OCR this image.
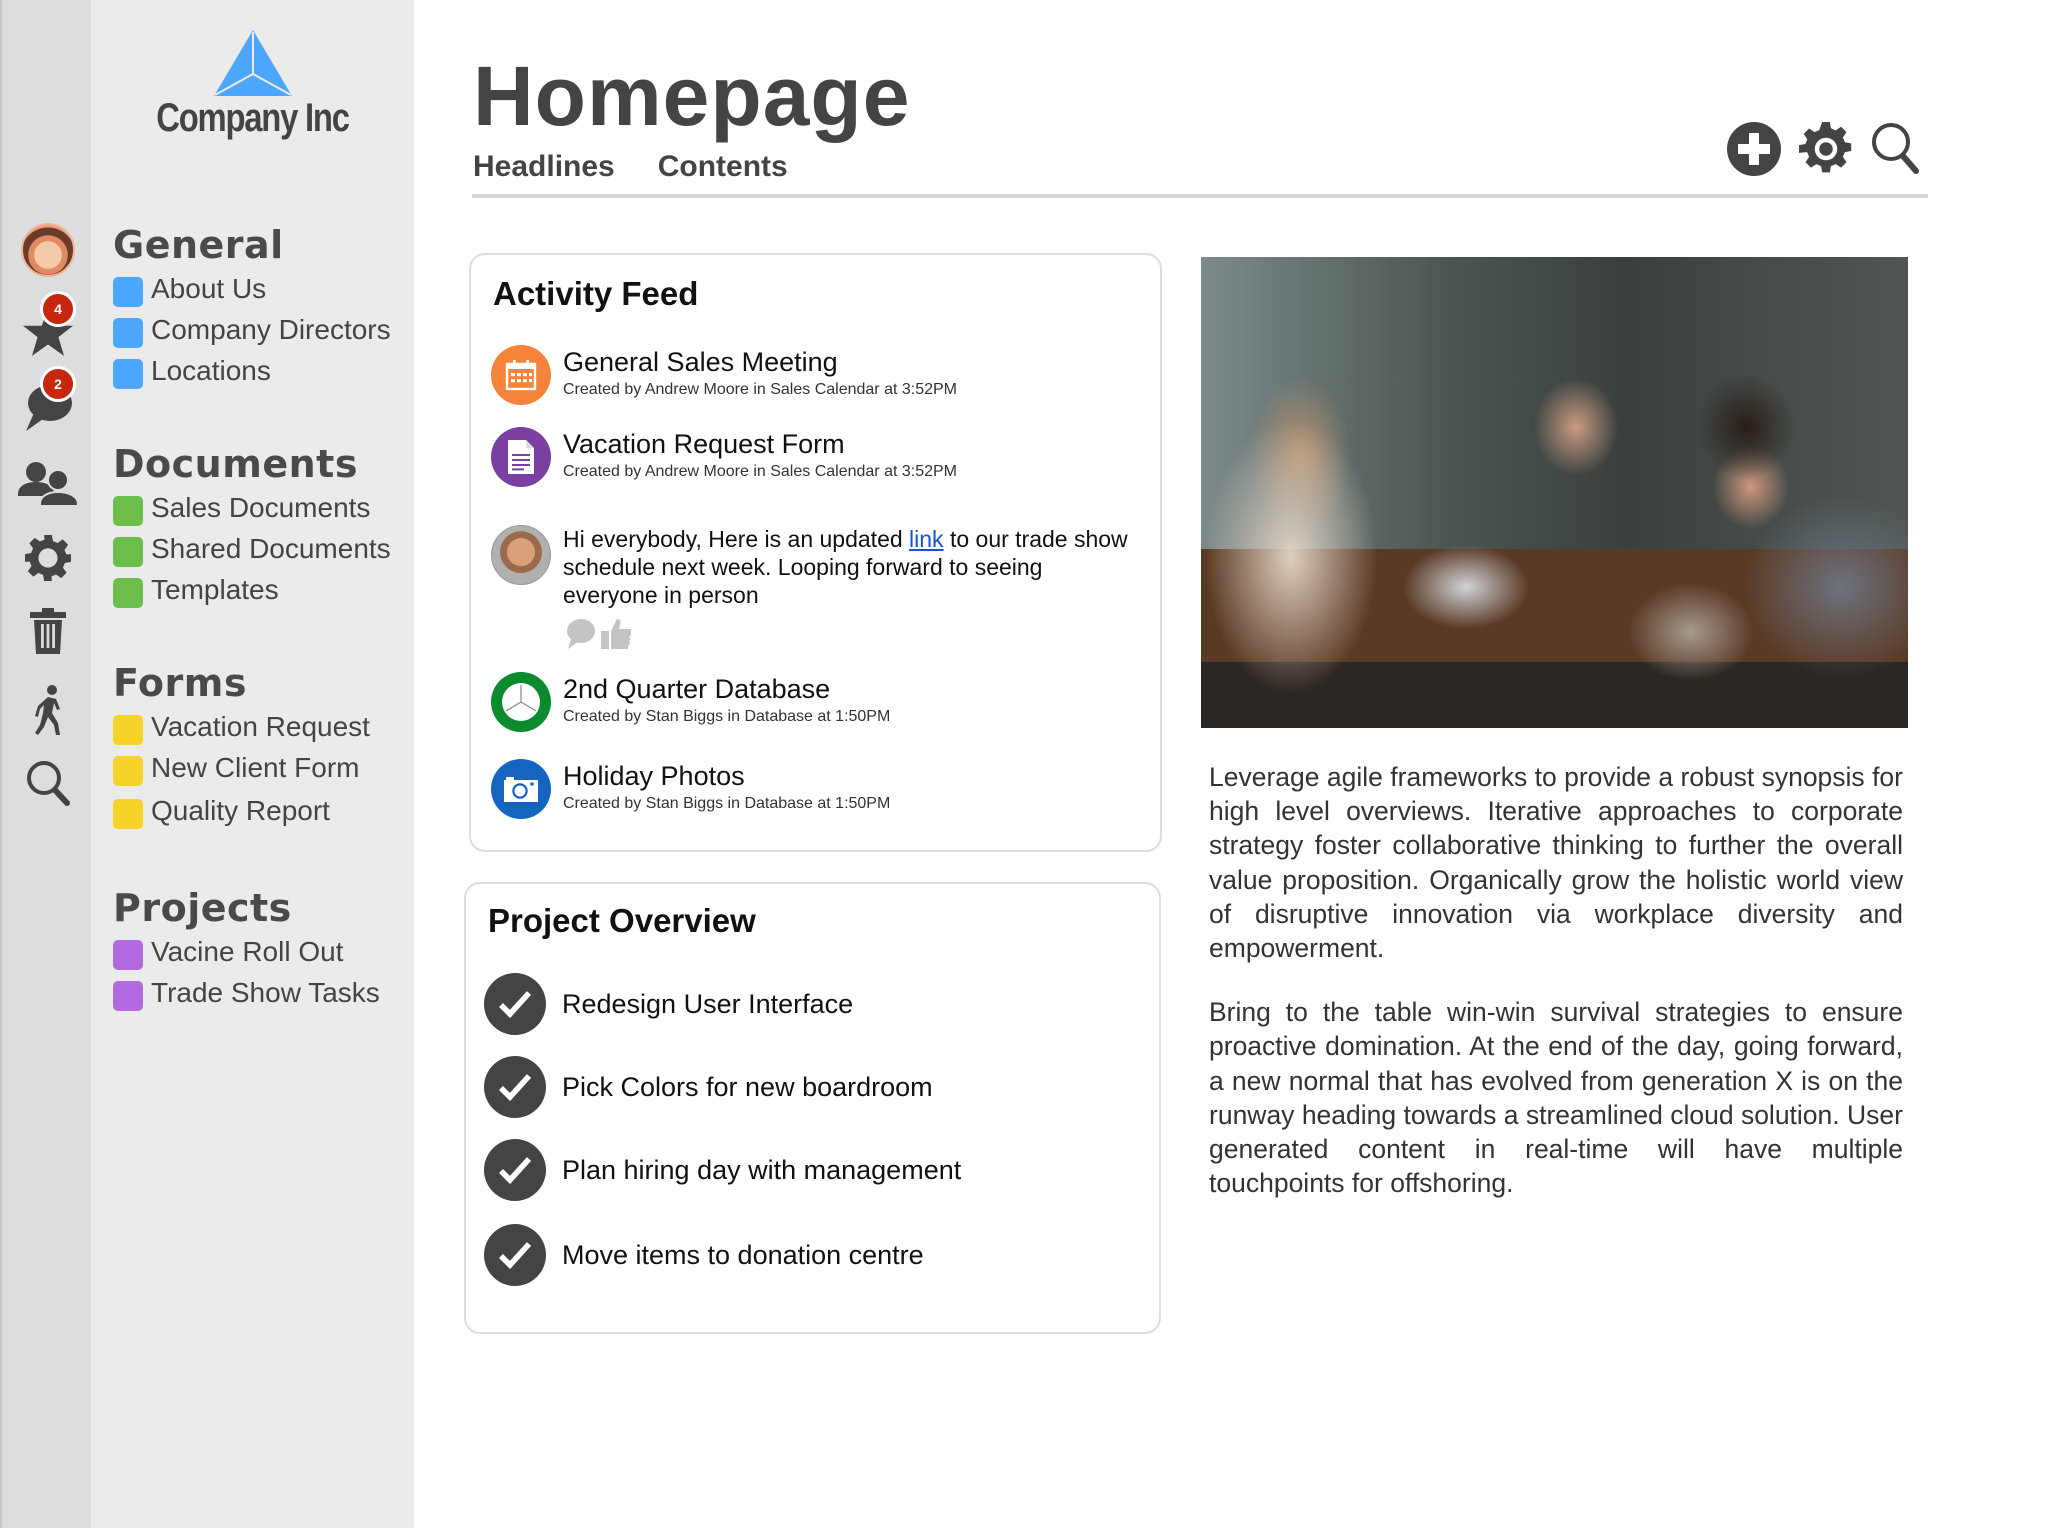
4
2
Company Inc
General
About Us
Company Directors
Locations
Documents
Sales Documents
Shared Documents
Templates
Forms
Vacation Request
New Client Form
Quality Report
Projects
Vacine Roll Out
Trade Show Tasks
Homepage
Headlines Contents
Activity Feed
General Sales Meeting
Created by Andrew Moore in Sales Calendar at 3:52PM
Vacation Request Form
Created by Andrew Moore in Sales Calendar at 3:52PM
Hi everybody, Here is an updated link to our trade show schedule next week. Looping forward to seeing everyone in person
2nd Quarter Database
Created by Stan Biggs in Database at 1:50PM
Holiday Photos
Created by Stan Biggs in Database at 1:50PM
Project Overview
Redesign User Interface
Pick Colors for new boardroom
Plan hiring day with management
Move items to donation centre

Leverage agile frameworks to provide a robust synopsis for high level overviews. Iterative approaches to corporate strategy foster collaborative thinking to further the overall value proposition. Organically grow the holistic world view of disruptive innovation via workplace diversity and empowerment.

Bring to the table win-win survival strategies to ensure proactive domination. At the end of the day, going forward, a new normal that has evolved from generation X is on the runway heading towards a streamlined cloud solution. User generated content in real-time will have multiple touchpoints for offshoring.
